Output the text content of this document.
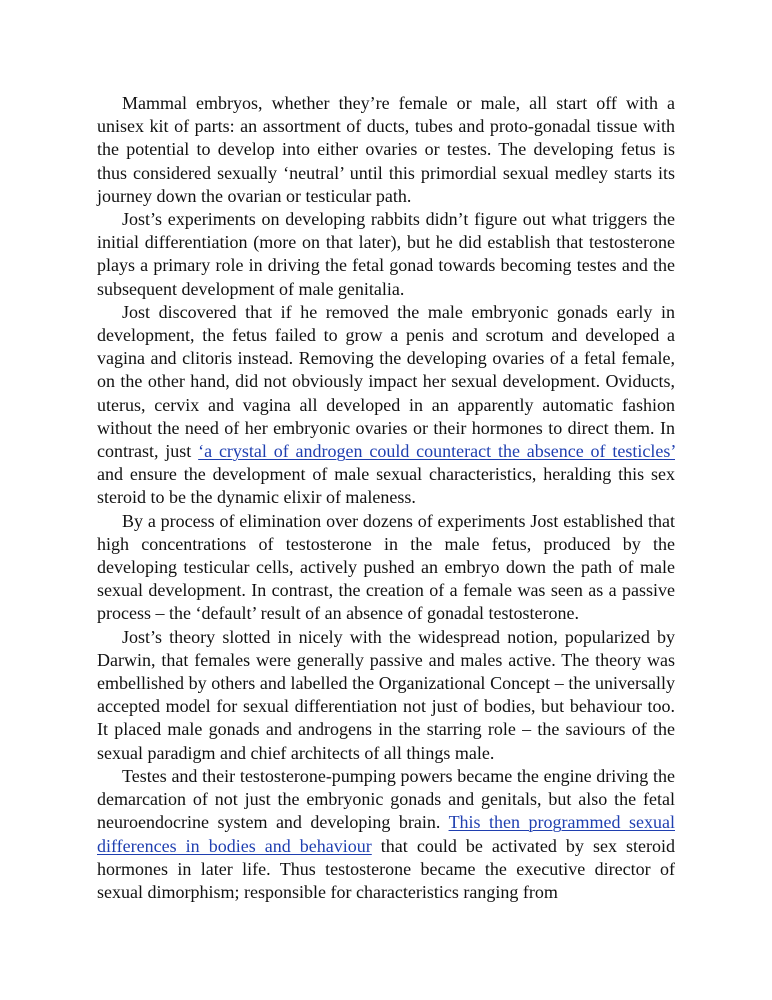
Mammal embryos, whether they’re female or male, all start off with a unisex kit of parts: an assortment of ducts, tubes and proto-gonadal tissue with the potential to develop into either ovaries or testes. The developing fetus is thus considered sexually ‘neutral’ until this primordial sexual medley starts its journey down the ovarian or testicular path.

Jost’s experiments on developing rabbits didn’t figure out what triggers the initial differentiation (more on that later), but he did establish that testosterone plays a primary role in driving the fetal gonad towards becoming testes and the subsequent development of male genitalia.

Jost discovered that if he removed the male embryonic gonads early in development, the fetus failed to grow a penis and scrotum and developed a vagina and clitoris instead. Removing the developing ovaries of a fetal female, on the other hand, did not obviously impact her sexual development. Oviducts, uterus, cervix and vagina all developed in an apparently automatic fashion without the need of her embryonic ovaries or their hormones to direct them. In contrast, just ‘a crystal of androgen could counteract the absence of testicles’ and ensure the development of male sexual characteristics, heralding this sex steroid to be the dynamic elixir of maleness.

By a process of elimination over dozens of experiments Jost established that high concentrations of testosterone in the male fetus, produced by the developing testicular cells, actively pushed an embryo down the path of male sexual development. In contrast, the creation of a female was seen as a passive process – the ‘default’ result of an absence of gonadal testosterone.

Jost’s theory slotted in nicely with the widespread notion, popularized by Darwin, that females were generally passive and males active. The theory was embellished by others and labelled the Organizational Concept – the universally accepted model for sexual differentiation not just of bodies, but behaviour too. It placed male gonads and androgens in the starring role – the saviours of the sexual paradigm and chief architects of all things male.

Testes and their testosterone-pumping powers became the engine driving the demarcation of not just the embryonic gonads and genitals, but also the fetal neuroendocrine system and developing brain. This then programmed sexual differences in bodies and behaviour that could be activated by sex steroid hormones in later life. Thus testosterone became the executive director of sexual dimorphism; responsible for characteristics ranging from
